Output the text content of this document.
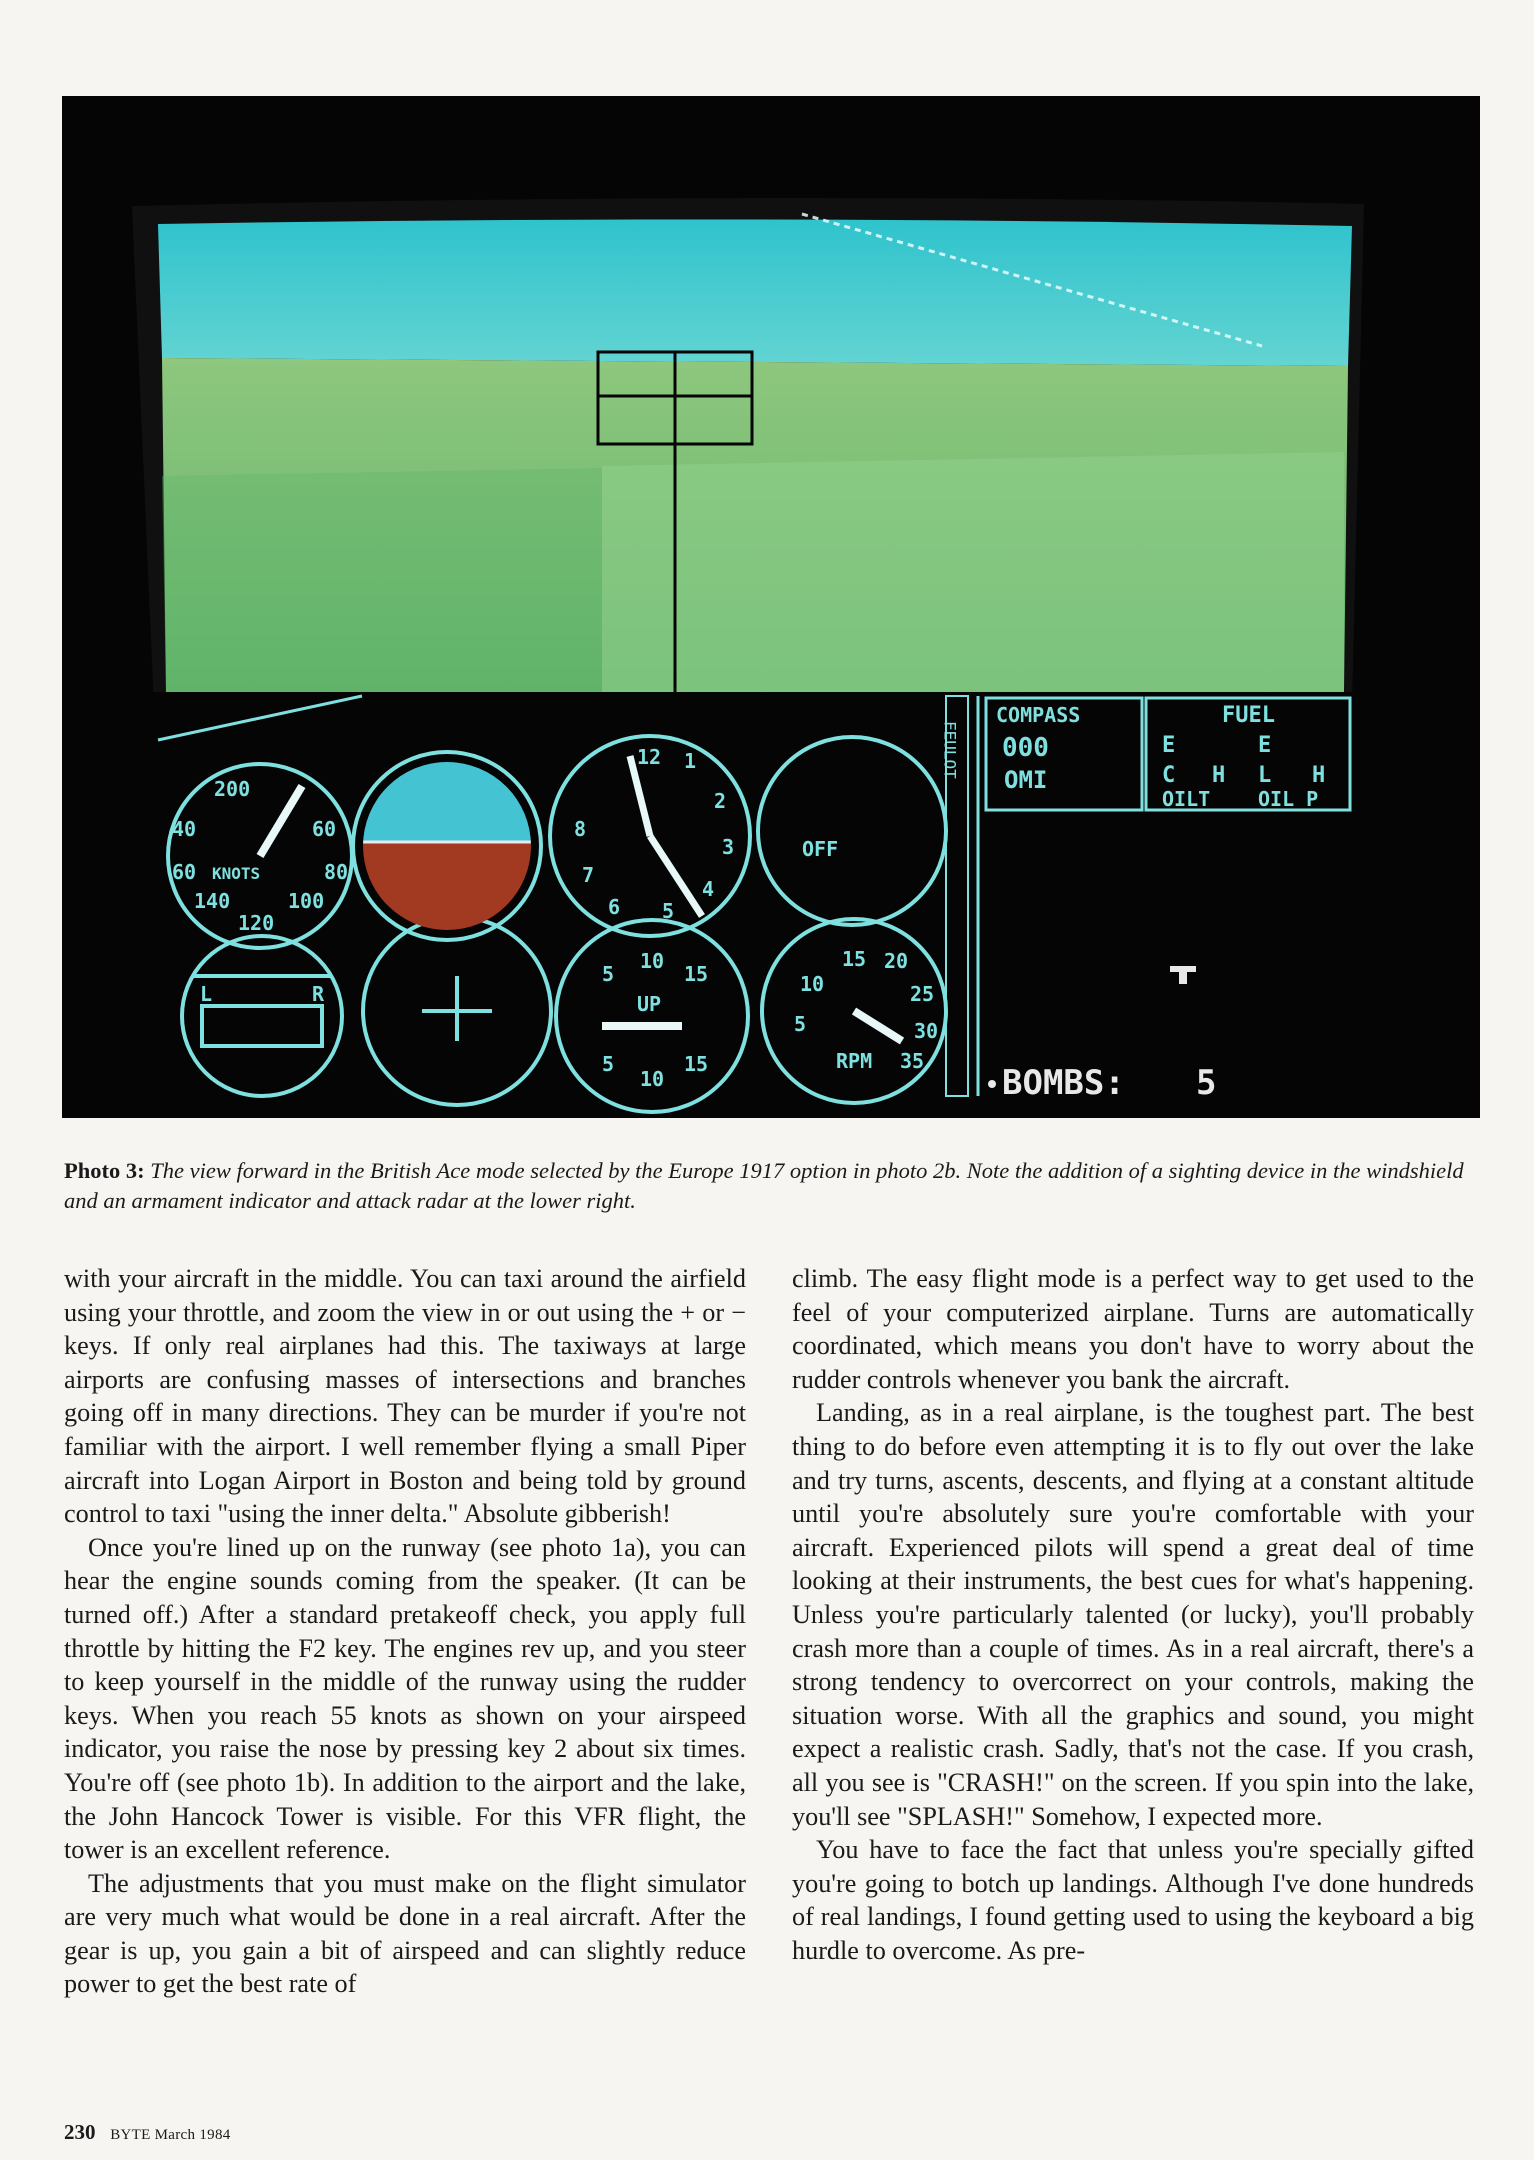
200
40	60
60	80
140	100
120
KNOTS
12 1
2
3
4
5
6
7
8
OFF
5
10
15
UP
5
10
15
15 20
25
10
30
5
35
RPM
L	R
FEULOT
COMPASS
000
OMI
FUEL
E	E
C H L H
OILT OIL P
BOMBS: 5
Photo 3: The view forward in the British Ace mode selected by the Europe 1917 option in photo 2b. Note the addition of a sighting device in the windshield and an armament indicator and attack radar at the lower right.

with your aircraft in the middle. You can taxi around the airfield using your throttle, and zoom the view in or out using the + or − keys. If only real airplanes had this. The taxiways at large airports are confusing masses of intersections and branches going off in many directions. They can be murder if you're not familiar with the airport. I well remember flying a small Piper aircraft into Logan Airport in Boston and being told by ground control to taxi "using the inner delta." Absolute gibberish!

Once you're lined up on the runway (see photo 1a), you can hear the engine sounds coming from the speaker. (It can be turned off.) After a standard pretakeoff check, you apply full throttle by hitting the F2 key. The engines rev up, and you steer to keep yourself in the middle of the runway using the rudder keys. When you reach 55 knots as shown on your airspeed indicator, you raise the nose by pressing key 2 about six times. You're off (see photo 1b). In addition to the airport and the lake, the John Hancock Tower is visible. For this VFR flight, the tower is an excellent reference.

The adjustments that you must make on the flight simulator are very much what would be done in a real aircraft. After the gear is up, you gain a bit of airspeed and can slightly reduce power to get the best rate of

climb. The easy flight mode is a perfect way to get used to the feel of your computerized airplane. Turns are automatically coordinated, which means you don't have to worry about the rudder controls whenever you bank the aircraft.

Landing, as in a real airplane, is the toughest part. The best thing to do before even attempting it is to fly out over the lake and try turns, ascents, descents, and flying at a constant altitude until you're absolutely sure you're comfortable with your aircraft. Experienced pilots will spend a great deal of time looking at their instruments, the best cues for what's happening. Unless you're particularly talented (or lucky), you'll probably crash more than a couple of times. As in a real aircraft, there's a strong tendency to overcorrect on your controls, making the situation worse. With all the graphics and sound, you might expect a realistic crash. Sadly, that's not the case. If you crash, all you see is "CRASH!" on the screen. If you spin into the lake, you'll see "SPLASH!" Somehow, I expected more.

You have to face the fact that unless you're specially gifted you're going to botch up landings. Although I've done hundreds of real landings, I found getting used to using the keyboard a big hurdle to overcome. As pre-

230 BYTE March 1984
